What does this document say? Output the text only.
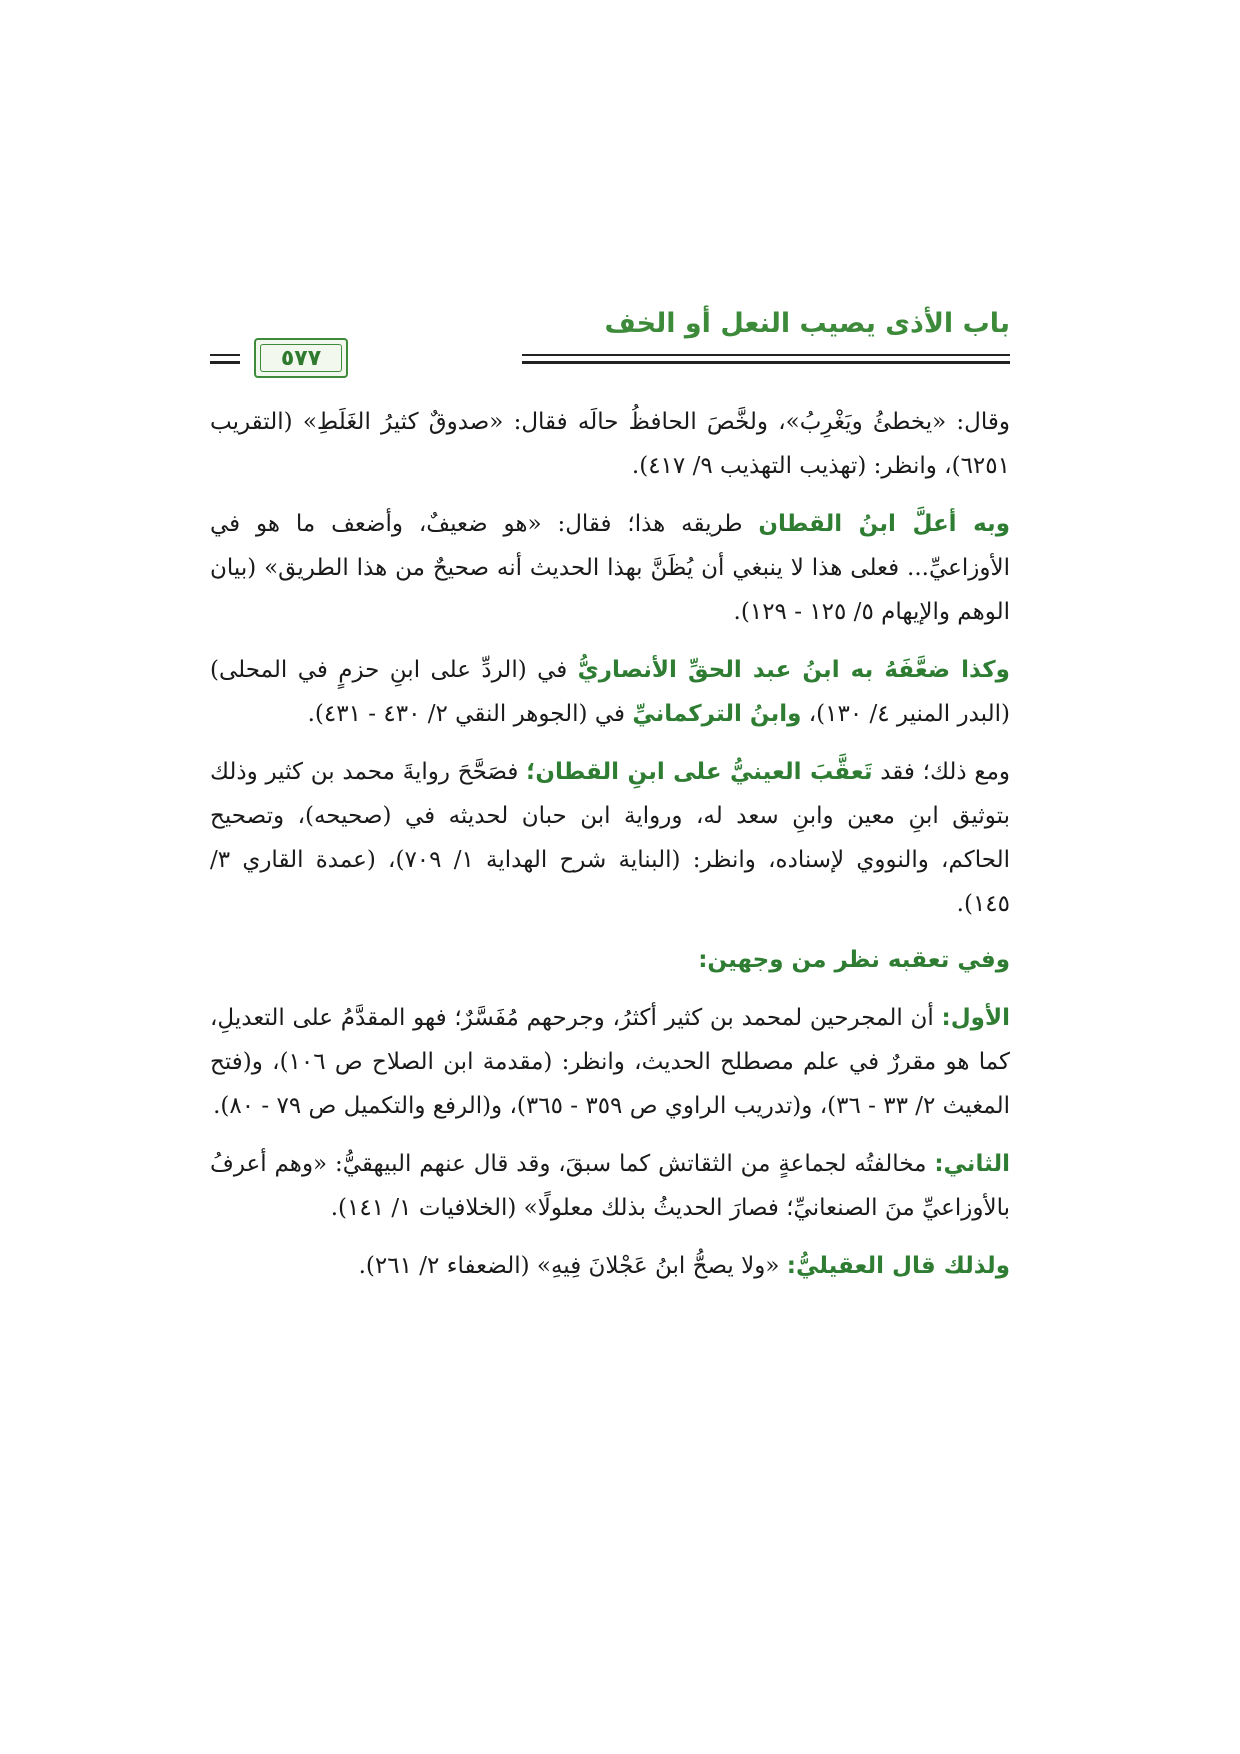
باب الأذى يصيب النعل أو الخف
٥٧٧

وقال: «يخطئُ ويَغْرِبُ»، ولخَّصَ الحافظُ حالَه فقال: «صدوقٌ كثيرُ الغَلَطِ» (التقريب ٦٢٥١)، وانظر: (تهذيب التهذيب ٩/ ٤١٧).

وبه أعلَّ ابنُ القطان طريقه هذا؛ فقال: «هو ضعيفٌ، وأضعف ما هو في الأوزاعيِّ... فعلى هذا لا ينبغي أن يُظَنَّ بهذا الحديث أنه صحيحٌ من هذا الطريق» (بيان الوهم والإيهام ٥/ ١٢٥ - ١٢٩).

وكذا ضعَّفَهُ به ابنُ عبد الحقِّ الأنصاريُّ في (الردِّ على ابنِ حزمٍ في المحلى) (البدر المنير ٤/ ١٣٠)، وابنُ التركمانيِّ في (الجوهر النقي ٢/ ٤٣٠ - ٤٣١).

ومع ذلك؛ فقد تَعقَّبَ العينيُّ على ابنِ القطان؛ فصَحَّحَ روايةَ محمد بن كثير وذلك بتوثيق ابنِ معين وابنِ سعد له، ورواية ابن حبان لحديثه في (صحيحه)، وتصحيح الحاكم، والنووي لإسناده، وانظر: (البناية شرح الهداية ١/ ٧٠٩)، (عمدة القاري ٣/ ١٤٥).

وفي تعقبه نظر من وجهين:

الأول: أن المجرحين لمحمد بن كثير أكثرُ، وجرحهم مُفَسَّرٌ؛ فهو المقدَّمُ على التعديلِ، كما هو مقررٌ في علم مصطلح الحديث، وانظر: (مقدمة ابن الصلاح ص ١٠٦)، و(فتح المغيث ٢/ ٣٣ - ٣٦)، و(تدريب الراوي ص ٣٥٩ - ٣٦٥)، و(الرفع والتكميل ص ٧٩ - ٨٠).

الثاني: مخالفتُه لجماعةٍ من الثقاتش كما سبقَ، وقد قال عنهم البيهقيُّ: «وهم أعرفُ بالأوزاعيِّ منَ الصنعانيِّ؛ فصارَ الحديثُ بذلك معلولًا» (الخلافيات ١/ ١٤١).

ولذلك قال العقيليُّ: «ولا يصحُّ ابنُ عَجْلانَ فِيهِ» (الضعفاء ٢/ ٢٦١).
